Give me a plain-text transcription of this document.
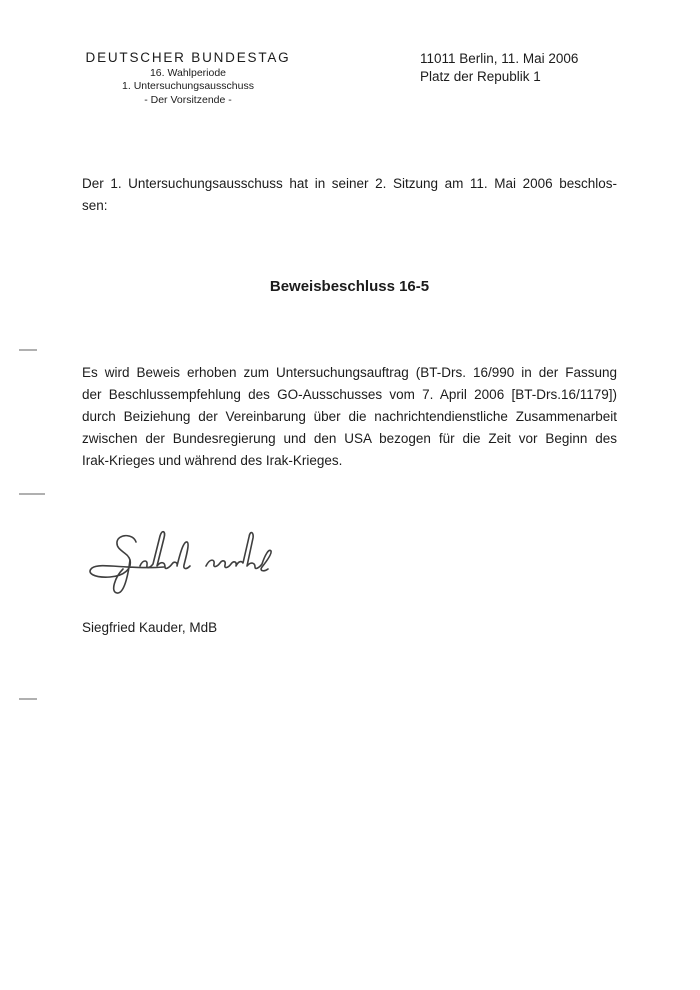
DEUTSCHER BUNDESTAG
16. Wahlperiode
1. Untersuchungsausschuss
- Der Vorsitzende -
11011 Berlin, 11. Mai 2006
Platz der Republik 1
Der 1. Untersuchungsausschuss hat in seiner 2. Sitzung am 11. Mai 2006 beschlos-
sen:
Beweisbeschluss 16-5
Es wird Beweis erhoben zum Untersuchungsauftrag (BT-Drs. 16/990 in der Fassung
der Beschlussempfehlung des GO-Ausschusses vom 7. April 2006 [BT-Drs.16/1179])
durch Beiziehung der Vereinbarung über die nachrichtendienstliche Zusammenarbeit
zwischen der Bundesregierung und den USA bezogen für die Zeit vor Beginn des
Irak-Krieges und während des Irak-Krieges.
Siegfried Kauder, MdB
